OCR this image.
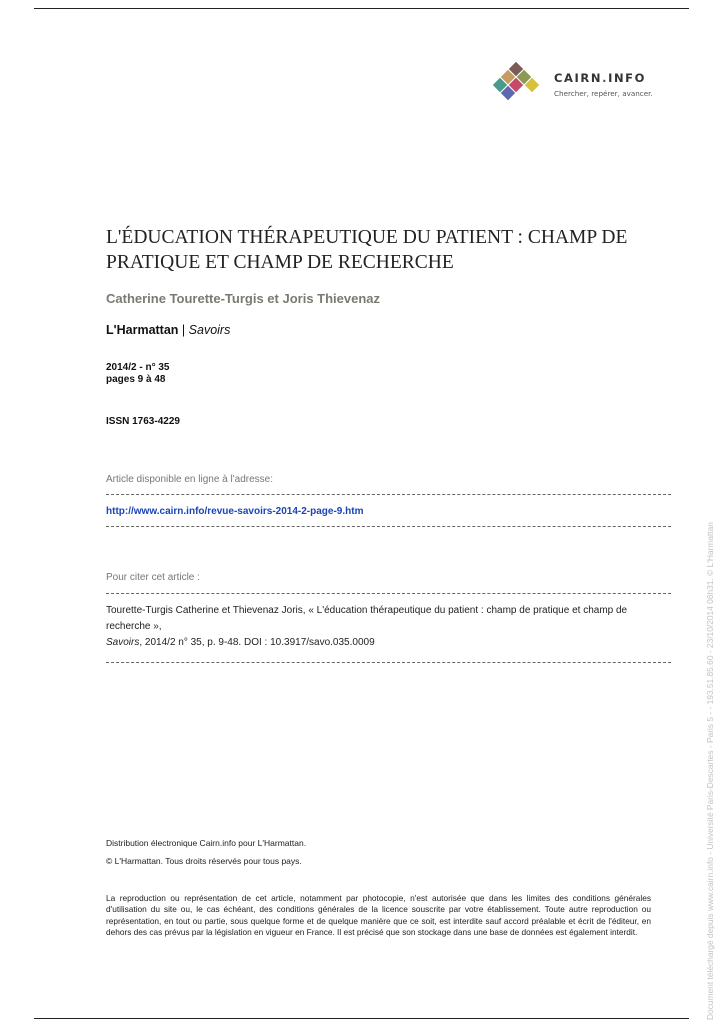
CAIRN.INFO
Chercher, repérer, avancer.
L'ÉDUCATION THÉRAPEUTIQUE DU PATIENT : CHAMP DE PRATIQUE ET CHAMP DE RECHERCHE
Catherine Tourette-Turgis et Joris Thievenaz
L'Harmattan | Savoirs
2014/2 - n° 35
pages 9 à 48
ISSN 1763-4229
Article disponible en ligne à l'adresse:
http://www.cairn.info/revue-savoirs-2014-2-page-9.htm
Pour citer cet article :
Tourette-Turgis Catherine et Thievenaz Joris, « L'éducation thérapeutique du patient : champ de pratique et champ de recherche »,
Savoirs, 2014/2 n° 35, p. 9-48. DOI : 10.3917/savo.035.0009
Distribution électronique Cairn.info pour L'Harmattan.
© L'Harmattan. Tous droits réservés pour tous pays.

La reproduction ou représentation de cet article, notamment par photocopie, n'est autorisée que dans les limites des conditions générales d'utilisation du site ou, le cas échéant, des conditions générales de la licence souscrite par votre établissement. Toute autre reproduction ou représentation, en tout ou partie, sous quelque forme et de quelque manière que ce soit, est interdite sauf accord préalable et écrit de l'éditeur, en dehors des cas prévus par la législation en vigueur en France. Il est précisé que son stockage dans une base de données est également interdit.	Document téléchargé depuis www.cairn.info - Université Paris-Descartes - Paris 5 - - 193.51.85.60 - 23/10/2014 08h31. © L'Harmattan
